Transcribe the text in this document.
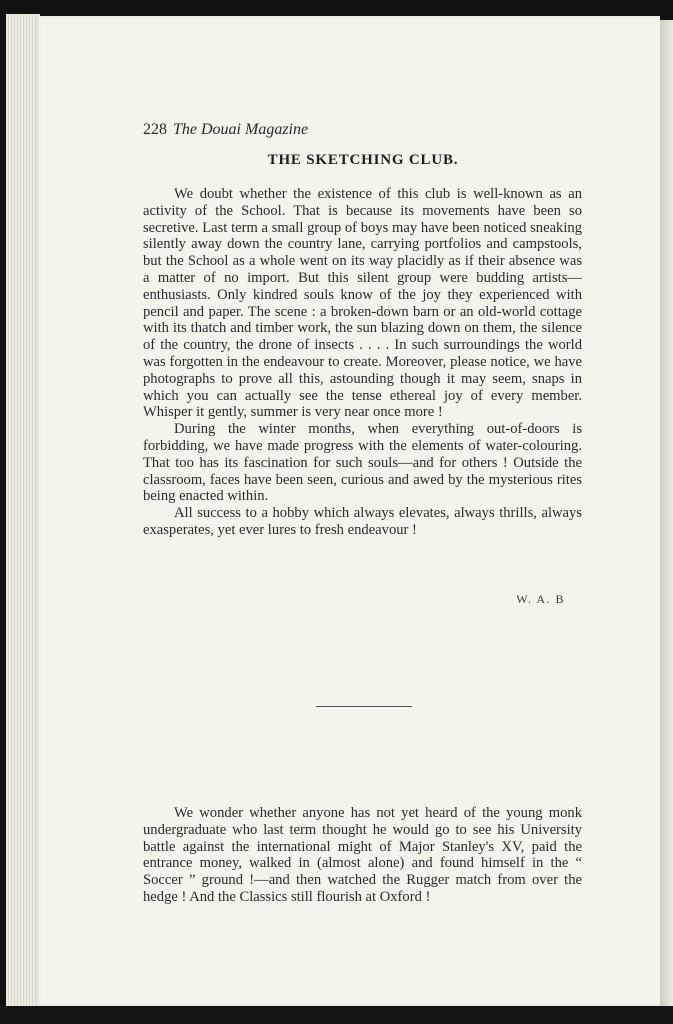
228 The Douai Magazine
THE SKETCHING CLUB.

We doubt whether the existence of this club is well-known as an activity of the School. That is because its movements have been so secretive. Last term a small group of boys may have been noticed sneaking silently away down the country lane, carrying portfolios and campstools, but the School as a whole went on its way placidly as if their absence was a matter of no import. But this silent group were budding artists—enthusiasts. Only kindred souls know of the joy they experienced with pencil and paper. The scene : a broken-down barn or an old-world cottage with its thatch and timber work, the sun blazing down on them, the silence of the country, the drone of insects . . . . In such surroundings the world was forgotten in the endeavour to create. Moreover, please notice, we have photographs to prove all this, astounding though it may seem, snaps in which you can actually see the tense ethereal joy of every member. Whisper it gently, summer is very near once more !

During the winter months, when everything out-of-doors is forbidding, we have made progress with the elements of water-colouring. That too has its fascination for such souls—and for others ! Outside the classroom, faces have been seen, curious and awed by the mysterious rites being enacted within.

All success to a hobby which always elevates, always thrills, always exasperates, yet ever lures to fresh endeavour !

W. A. B

We wonder whether anyone has not yet heard of the young monk undergraduate who last term thought he would go to see his University battle against the international might of Major Stanley's XV, paid the entrance money, walked in (almost alone) and found himself in the “ Soccer ” ground !—and then watched the Rugger match from over the hedge ! And the Classics still flourish at Oxford !
